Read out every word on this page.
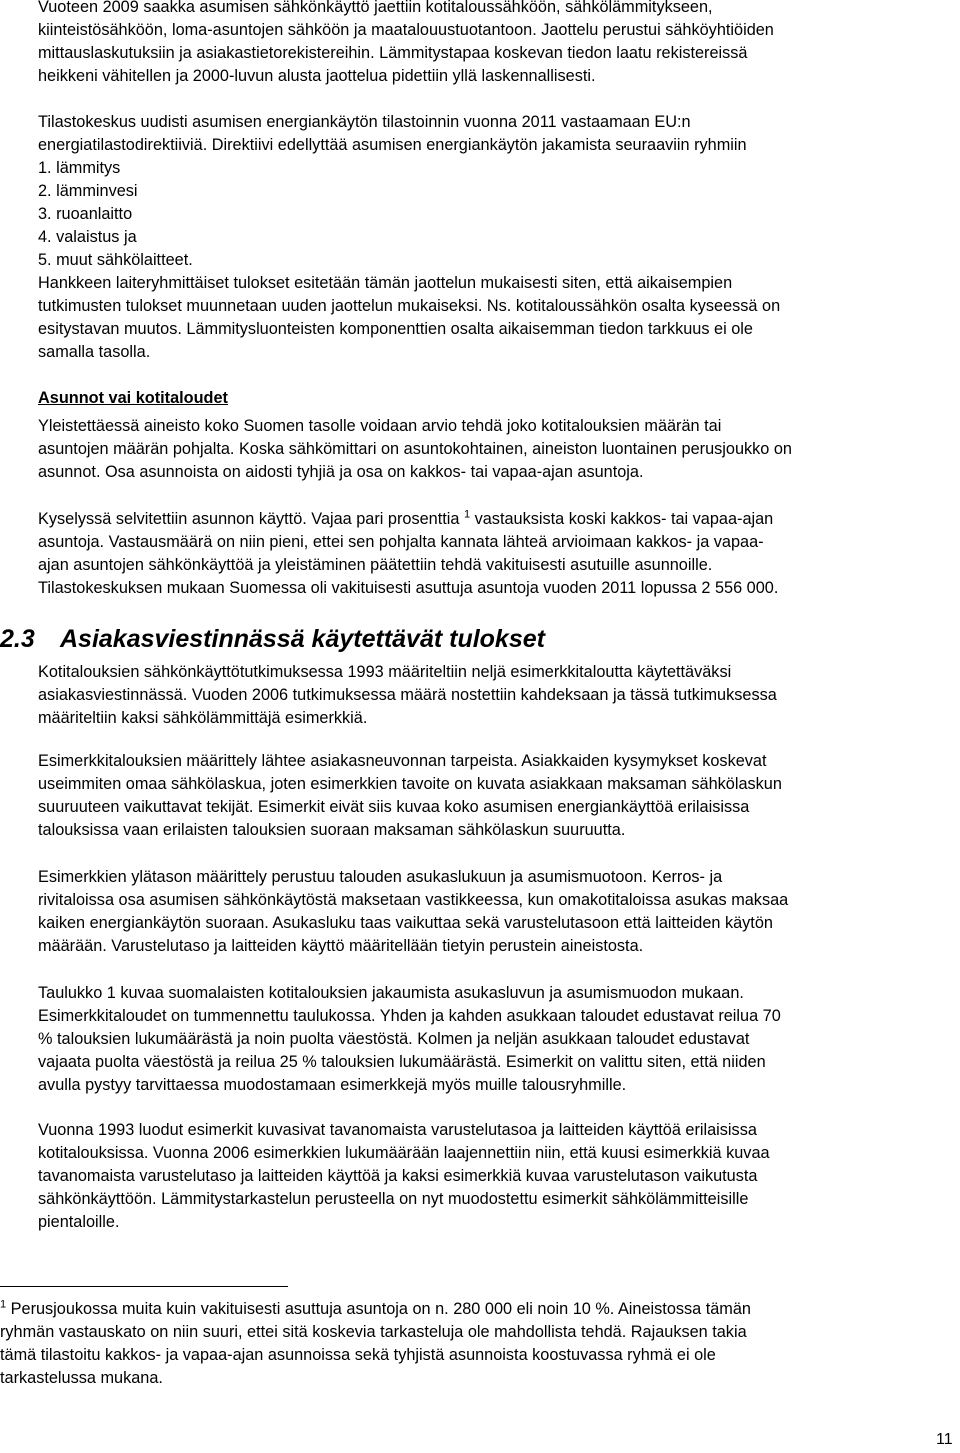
Vuoteen 2009 saakka asumisen sähkönkäyttö jaettiin kotitaloussähköön, sähkölämmitykseen,
kiinteistösähköön, loma-asuntojen sähköön ja maatalouustuotantoon. Jaottelu perustui sähköyhtiöiden
mittauslaskutuksiin ja asiakastietorekistereihin. Lämmitystapaa koskevan tiedon laatu rekistereissä
heikkeni vähitellen ja 2000-luvun alusta jaottelua pidettiin yllä laskennallisesti.
Tilastokeskus uudisti asumisen energiankäytön tilastoinnin vuonna 2011 vastaamaan EU:n
energiatilastodirektiiviä. Direktiivi edellyttää asumisen energiankäytön jakamista seuraaviin ryhmiin
1. lämmitys
2. lämminvesi
3. ruoanlaitto
4. valaistus ja
5. muut sähkölaitteet.
Hankkeen laiteryhmittäiset tulokset esitetään tämän jaottelun mukaisesti siten, että aikaisempien
tutkimusten tulokset muunnetaan uuden jaottelun mukaiseksi. Ns. kotitaloussähkön osalta kyseessä on
esitystavan muutos. Lämmitysluonteisten komponenttien osalta aikaisemman tiedon tarkkuus ei ole
samalla tasolla.
Asunnot vai kotitaloudet
Yleistettäessä aineisto koko Suomen tasolle voidaan arvio tehdä joko kotitalouksien määrän tai
asuntojen määrän pohjalta. Koska sähkömittari on asuntokohtainen, aineiston luontainen perusjoukko on
asunnot. Osa asunnoista on aidosti tyhjiä ja osa on kakkos- tai vapaa-ajan asuntoja.
Kyselyssä selvitettiin asunnon käyttö. Vajaa pari prosenttia $^1$ vastauksista koski kakkos- tai vapaa-ajan
asuntoja. Vastausmäärä on niin pieni, ettei sen pohjalta kannata lähteä arvioimaan kakkos- ja vapaa-
ajan asuntojen sähkönkäyttöä ja yleistäminen päätettiin tehdä vakituisesti asutuille asunnoille.
Tilastokeskuksen mukaan Suomessa oli vakituisesti asuttuja asuntoja vuoden 2011 lopussa 2 556 000.
2.3 Asiakasviestinnässä käytettävät tulokset
Kotitalouksien sähkönkäyttötutkimuksessa 1993 määriteltiin neljä esimerkkitaloutta käytettäväksi
asiakasviestinnässä. Vuoden 2006 tutkimuksessa määrä nostettiin kahdeksaan ja tässä tutkimuksessa
määriteltiin kaksi sähkölämmittäjä esimerkkiä.
Esimerkkitalouksien määrittely lähtee asiakasneuvonnan tarpeista. Asiakkaiden kysymykset koskevat
useimmiten omaa sähkölaskua, joten esimerkkien tavoite on kuvata asiakkaan maksaman sähkölaskun
suuruuteen vaikuttavat tekijät. Esimerkit eivät siis kuvaa koko asumisen energiankäyttöä erilaisissa
talouksissa vaan erilaisten talouksien suoraan maksaman sähkölaskun suuruutta.
Esimerkkien ylätason määrittely perustuu talouden asukaslukuun ja asumismuotoon. Kerros- ja
rivitaloissa osa asumisen sähkönkäytöstä maksetaan vastikkeessa, kun omakotitaloissa asukas maksaa
kaiken energiankäytön suoraan. Asukasluku taas vaikuttaa sekä varustelutasoon että laitteiden käytön
määrään. Varustelutaso ja laitteiden käyttö määritellään tietyin perustein aineistosta.
Taulukko 1 kuvaa suomalaisten kotitalouksien jakaumista asukasluvun ja asumismuodon mukaan.
Esimerkkitaloudet on tummennettu taulukossa. Yhden ja kahden asukkaan taloudet edustavat reilua 70
% talouksien lukumäärästä ja noin puolta väestöstä. Kolmen ja neljän asukkaan taloudet edustavat
vajaata puolta väestöstä ja reilua 25 % talouksien lukumäärästä. Esimerkit on valittu siten, että niiden
avulla pystyy tarvittaessa muodostamaan esimerkkejä myös muille talousryhmille.
Vuonna 1993 luodut esimerkit kuvasivat tavanomaista varustelutasoa ja laitteiden käyttöä erilaisissa
kotitalouksissa. Vuonna 2006 esimerkkien lukumäärään laajennettiin niin, että kuusi esimerkkiä kuvaa
tavanomaista varustelutaso ja laitteiden käyttöä ja kaksi esimerkkiä kuvaa varustelutason vaikutusta
sähkönkäyttöön. Lämmitystarkastelun perusteella on nyt muodostettu esimerkit sähkölämmitteisille
pientaloille.
$^1$ Perusjoukossa muita kuin vakituisesti asuttuja asuntoja on n. 280 000 eli noin 10 %. Aineistossa tämän
ryhmän vastauskato on niin suuri, ettei sitä koskevia tarkasteluja ole mahdollista tehdä. Rajauksen takia
tämä tilastoitu kakkos- ja vapaa-ajan asunnoissa sekä tyhjistä asunnoista koostuvassa ryhmä ei ole
tarkastelussa mukana.
11
